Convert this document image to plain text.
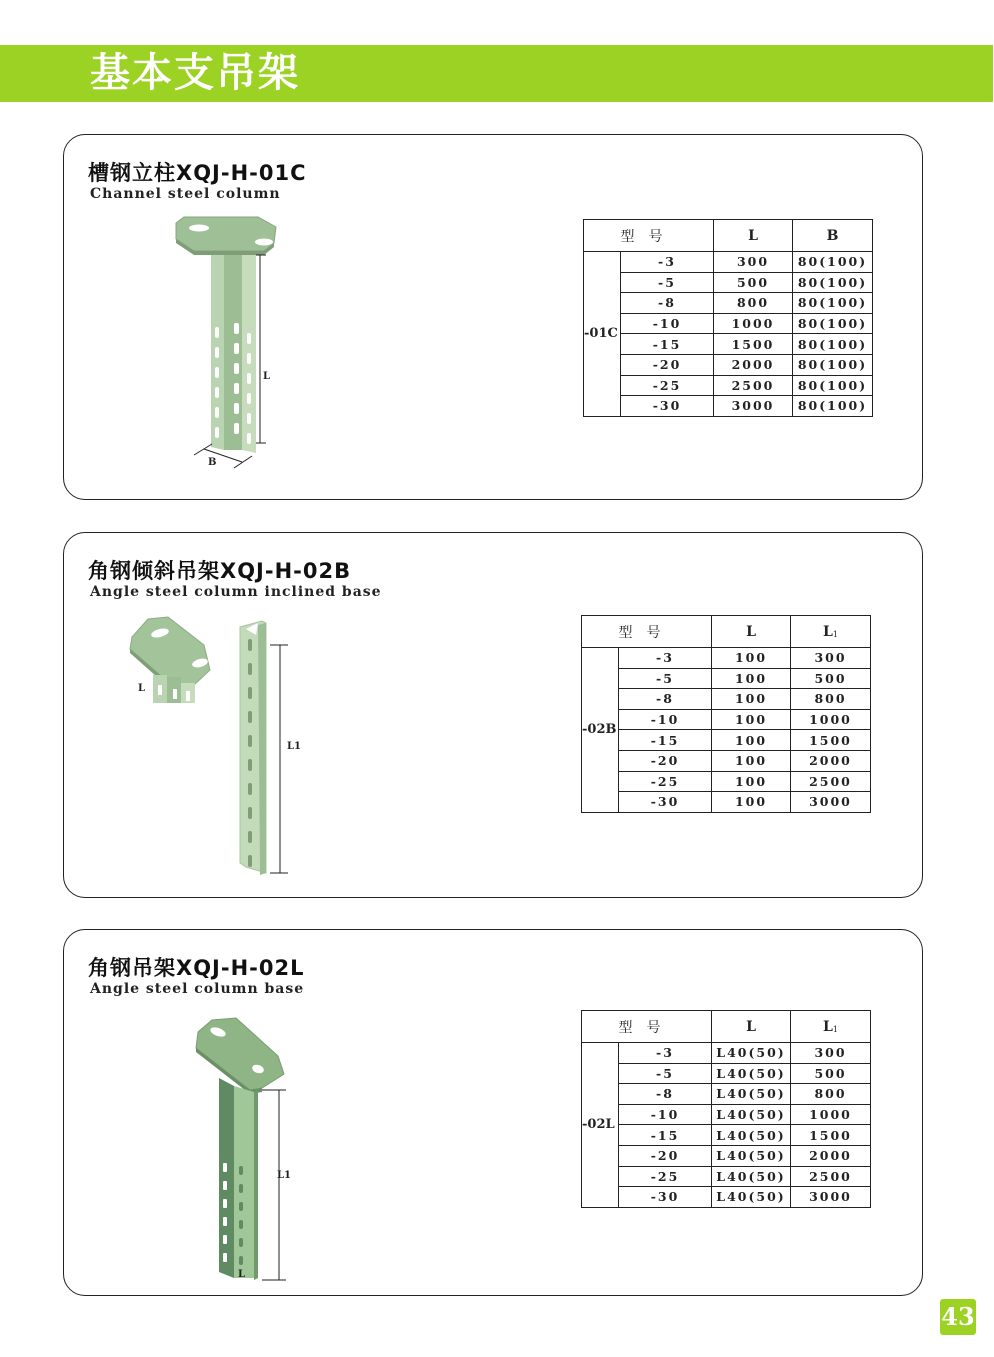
基本支吊架
槽钢立柱XQJ-H-01C
Channel steel column
L
B
型号		L	B
-01C	-3	300	80(100)
	-5	500	80(100)
	-8	800	80(100)
	-10	1000	80(100)
	-15	1500	80(100)
	-20	2000	80(100)
	-25	2500	80(100)
	-30	3000	80(100)
角钢倾斜吊架XQJ-H-02B
Angle steel column inclined base
L
L1
型号		L	$L_1$
-02B	-3	100	300
	-5	100	500
	-8	100	800
	-10	100	1000
	-15	100	1500
	-20	100	2000
	-25	100	2500
	-30	100	3000
角钢吊架XQJ-H-02L
Angle steel column base
L1
L
型号		L	$L_1$
-02L	-3	L40(50)	300
	-5	L40(50)	500
	-8	L40(50)	800
	-10	L40(50)	1000
	-15	L40(50)	1500
	-20	L40(50)	2000
	-25	L40(50)	2500
	-30	L40(50)	3000
43
